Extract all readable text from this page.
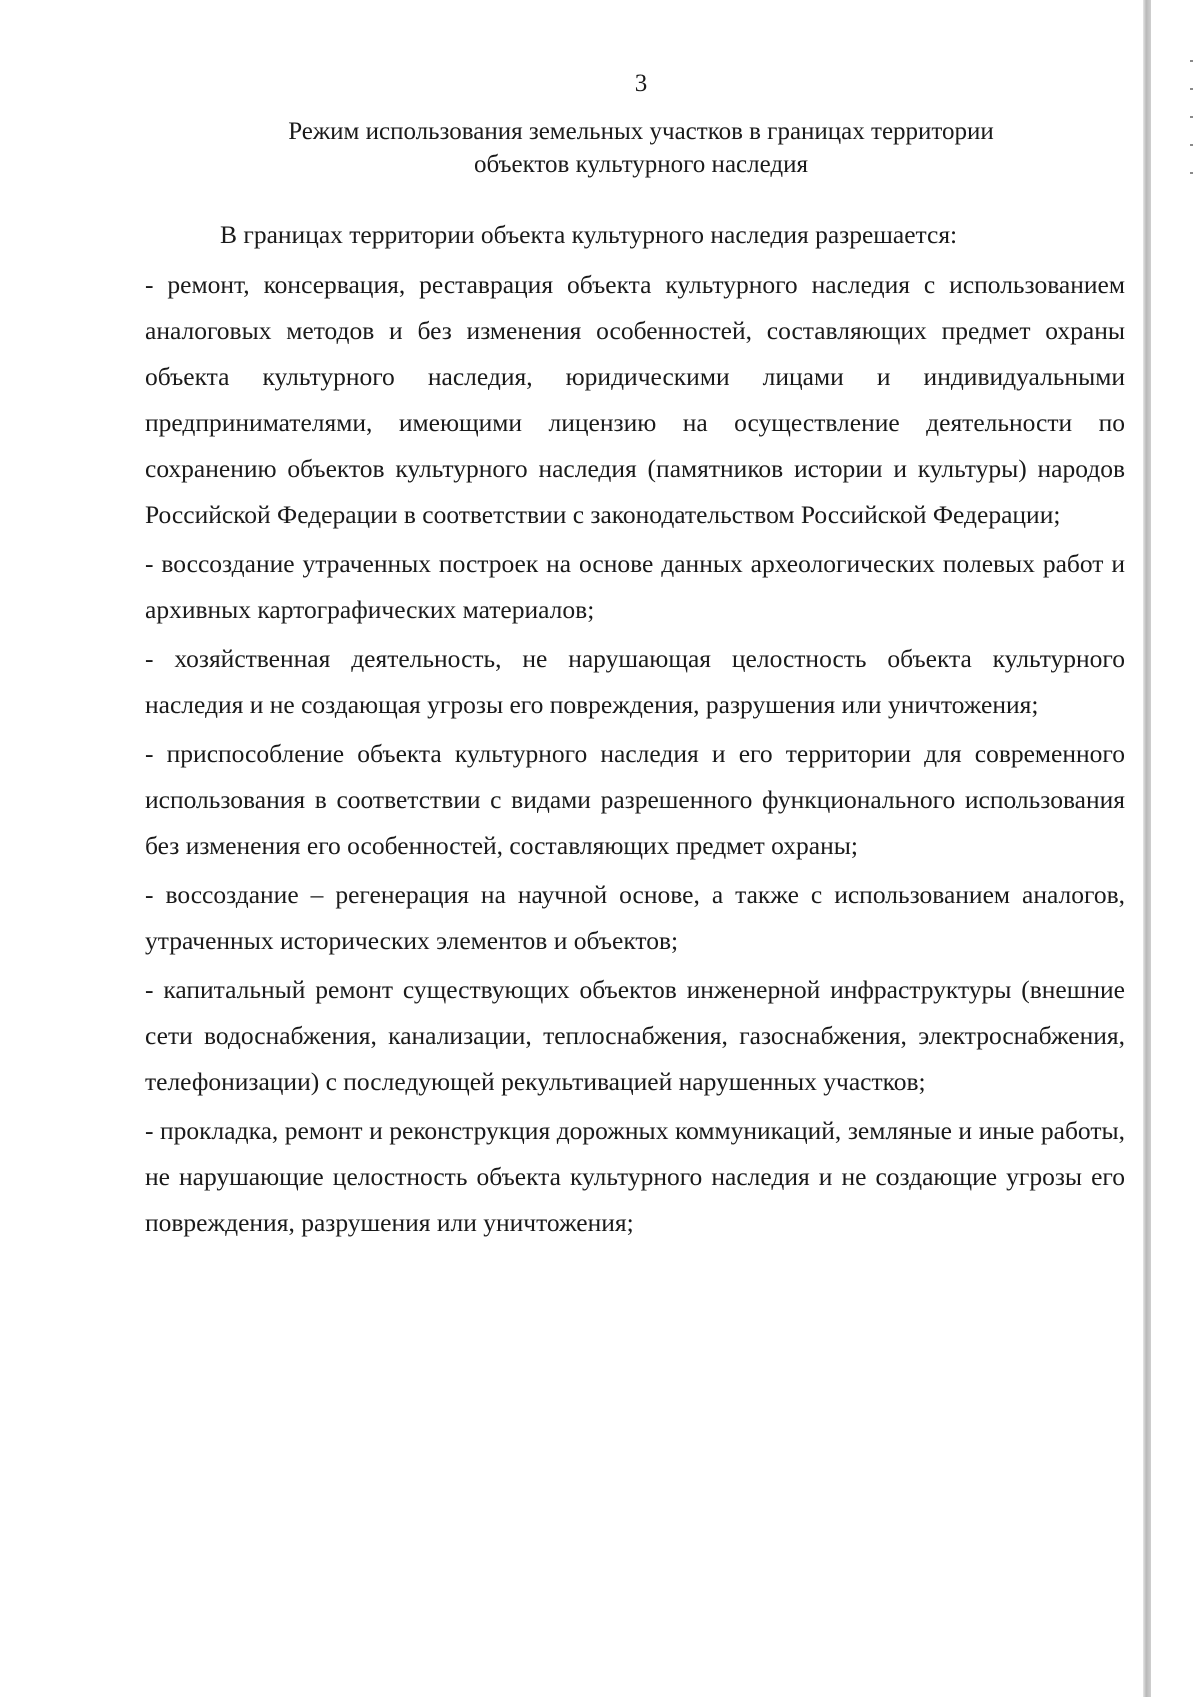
3
Режим использования земельных участков в границах территории
объектов культурного наследия

В границах территории объекта культурного наследия разрешается:

- ремонт, консервация, реставрация объекта культурного наследия с использованием аналоговых методов и без изменения особенностей, составляющих предмет охраны объекта культурного наследия, юридическими лицами и индивидуальными предпринимателями, имеющими лицензию на осуществление деятельности по сохранению объектов культурного наследия (памятников истории и культуры) народов Российской Федерации в соответствии с законодательством Российской Федерации;

- воссоздание утраченных построек на основе данных археологических полевых работ и архивных картографических материалов;

- хозяйственная деятельность, не нарушающая целостность объекта культурного наследия и не создающая угрозы его повреждения, разрушения или уничтожения;

- приспособление объекта культурного наследия и его территории для современного использования в соответствии с видами разрешенного функционального использования без изменения его особенностей, составляющих предмет охраны;

- воссоздание – регенерация на научной основе, а также с использованием аналогов, утраченных исторических элементов и объектов;

- капитальный ремонт существующих объектов инженерной инфраструктуры (внешние сети водоснабжения, канализации, теплоснабжения, газоснабжения, электроснабжения, телефонизации) с последующей рекультивацией нарушенных участков;

- прокладка, ремонт и реконструкция дорожных коммуникаций, земляные и иные работы, не нарушающие целостность объекта культурного наследия и не создающие угрозы его повреждения, разрушения или уничтожения;
